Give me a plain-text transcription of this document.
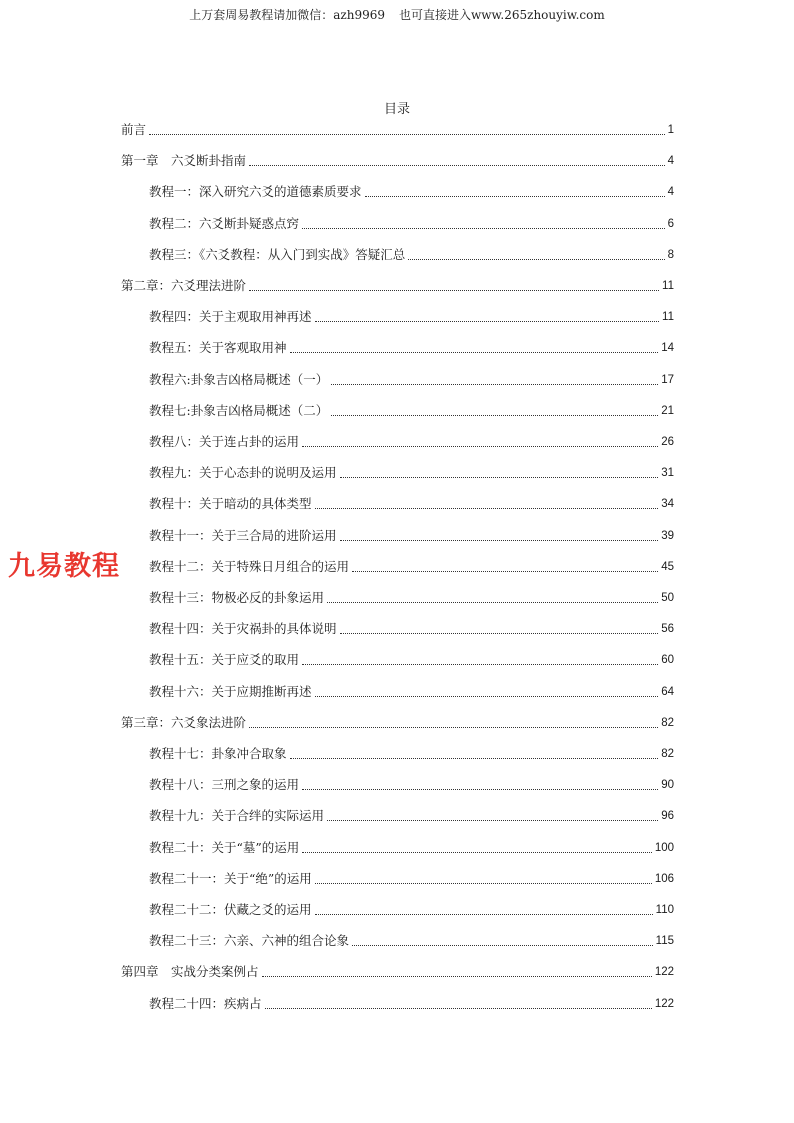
上万套周易教程请加微信：azh9969 也可直接进入www.265zhouyiw.com
目录
前言	1
第一章　六爻断卦指南	4
教程一：深入研究六爻的道德素质要求	4
教程二：六爻断卦疑惑点窍	6
教程三：《六爻教程：从入门到实战》答疑汇总	8
第二章：六爻理法进阶	11
教程四：关于主观取用神再述	11
教程五：关于客观取用神	14
教程六:卦象吉凶格局概述（一）	17
教程七:卦象吉凶格局概述（二）	21
教程八：关于连占卦的运用	26
教程九：关于心态卦的说明及运用	31
教程十：关于暗动的具体类型	34
教程十一：关于三合局的进阶运用	39
教程十二：关于特殊日月组合的运用	45
教程十三：物极必反的卦象运用	50
教程十四：关于灾祸卦的具体说明	56
教程十五：关于应爻的取用	60
教程十六：关于应期推断再述	64
第三章：六爻象法进阶	82
教程十七：卦象冲合取象	82
教程十八：三刑之象的运用	90
教程十九：关于合绊的实际运用	96
教程二十：关于“墓”的运用	100
教程二十一：关于“绝”的运用	106
教程二十二：伏藏之爻的运用	110
教程二十三：六亲、六神的组合论象	115
第四章　实战分类案例占	122
教程二十四：疾病占	122
九易教程
